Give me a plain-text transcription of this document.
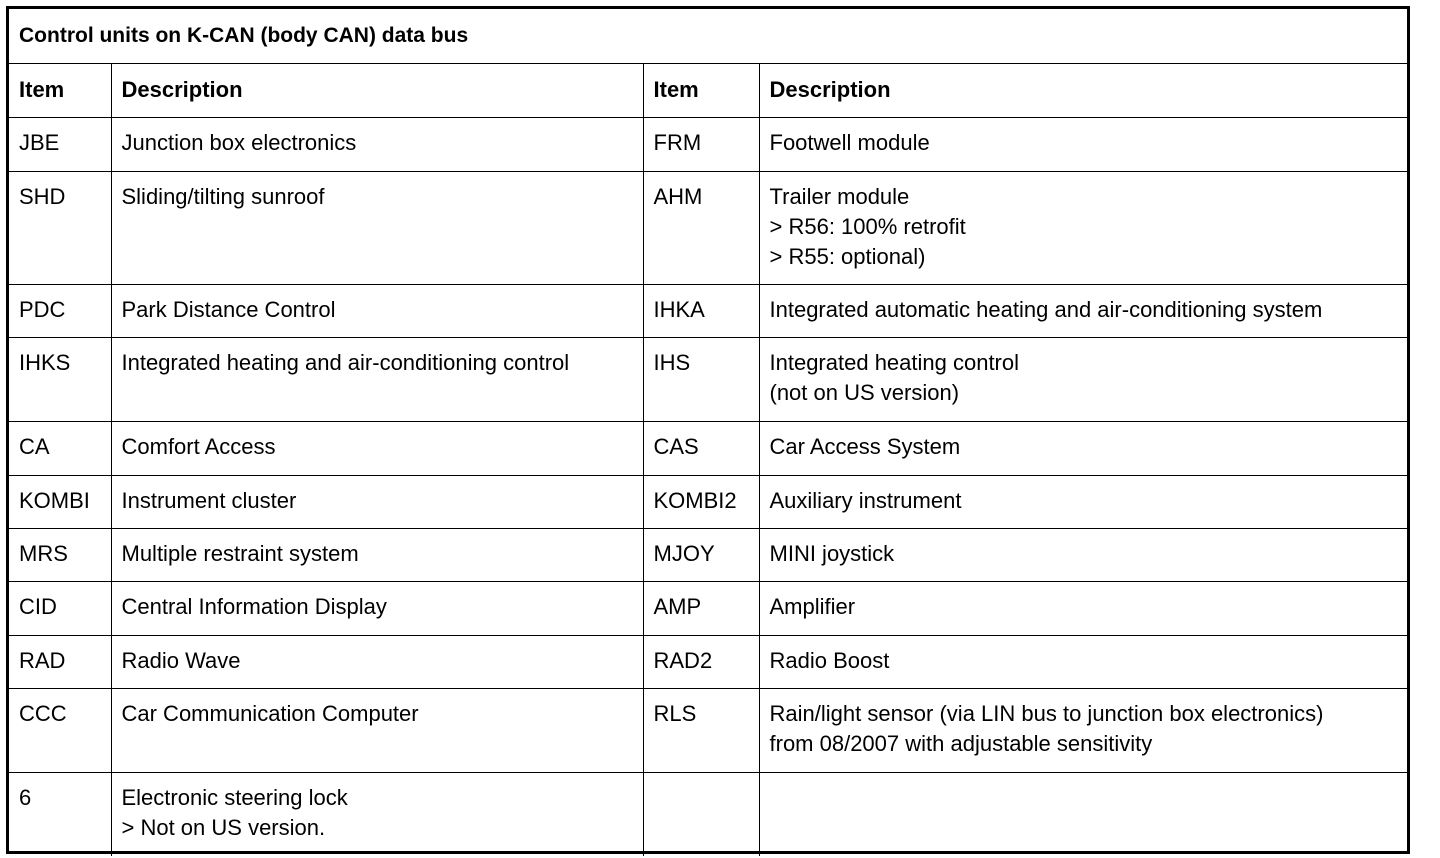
Control units on K-CAN (body CAN) data bus			
Item	Description	Item	Description
JBE	Junction box electronics	FRM	Footwell module

SHD	Sliding/tilting sunroof	AHM	Trailer module
> R56: 100% retrofit
> R55: optional)

PDC	Park Distance Control	IHKA	Integrated automatic heating and air-conditioning system

IHKS	Integrated heating and air-conditioning control	IHS	Integrated heating control
(not on US version)

CA	Comfort Access	CAS	Car Access System

KOMBI	Instrument cluster	KOMBI2	Auxiliary instrument

MRS	Multiple restraint system	MJOY	MINI joystick

CID	Central Information Display	AMP	Amplifier

RAD	Radio Wave	RAD2	Radio Boost

CCC	Car Communication Computer	RLS	Rain/light sensor (via LIN bus to junction box electronics)
from 08/2007 with adjustable sensitivity

6	Electronic steering lock
> Not on US version.		
